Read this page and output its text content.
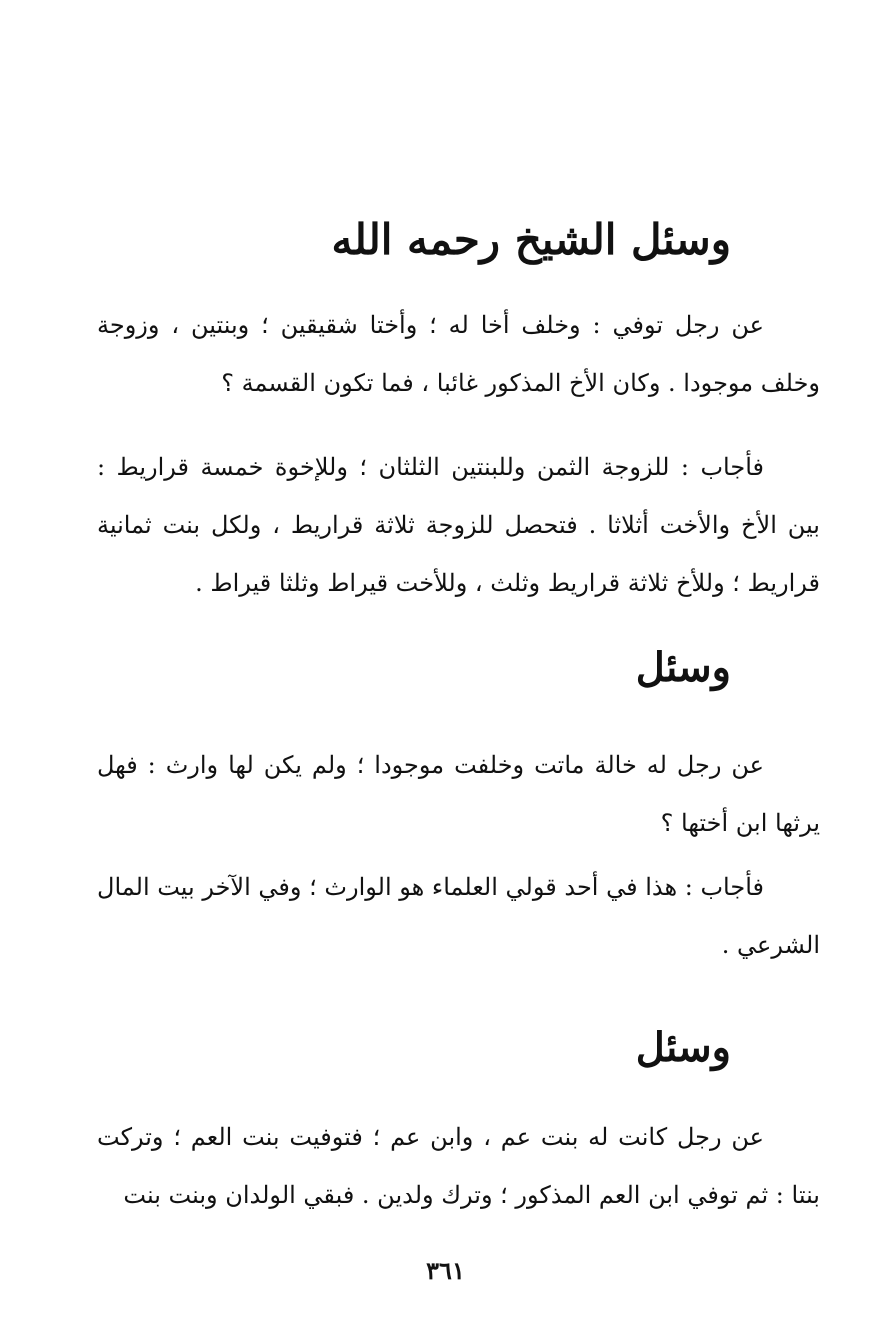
وسئل الشيخ رحمه الله

عن رجل توفي : وخلف أخا له ؛ وأختا شقيقين ؛ وبنتين ، وزوجة وخلف موجودا . وكان الأخ المذكور غائبا ، فما تكون القسمة ؟

فأجاب : للزوجة الثمن وللبنتين الثلثان ؛ وللإخوة خمسة قراريط : بين الأخ والأخت أثلاثا . فتحصل للزوجة ثلاثة قراريط ، ولكل بنت ثمانية قراريط ؛ وللأخ ثلاثة قراريط وثلث ، وللأخت قيراط وثلثا قيراط .

وسئل

عن رجل له خالة ماتت وخلفت موجودا ؛ ولم يكن لها وارث : فهل يرثها ابن أختها ؟

فأجاب : هذا في أحد قولي العلماء هو الوارث ؛ وفي الآخر بيت المال الشرعي .

وسئل

عن رجل كانت له بنت عم ، وابن عم ؛ فتوفيت بنت العم ؛ وتركت بنتا : ثم توفي ابن العم المذكور ؛ وترك ولدين . فبقي الولدان وبنت بنت

٣٦١
